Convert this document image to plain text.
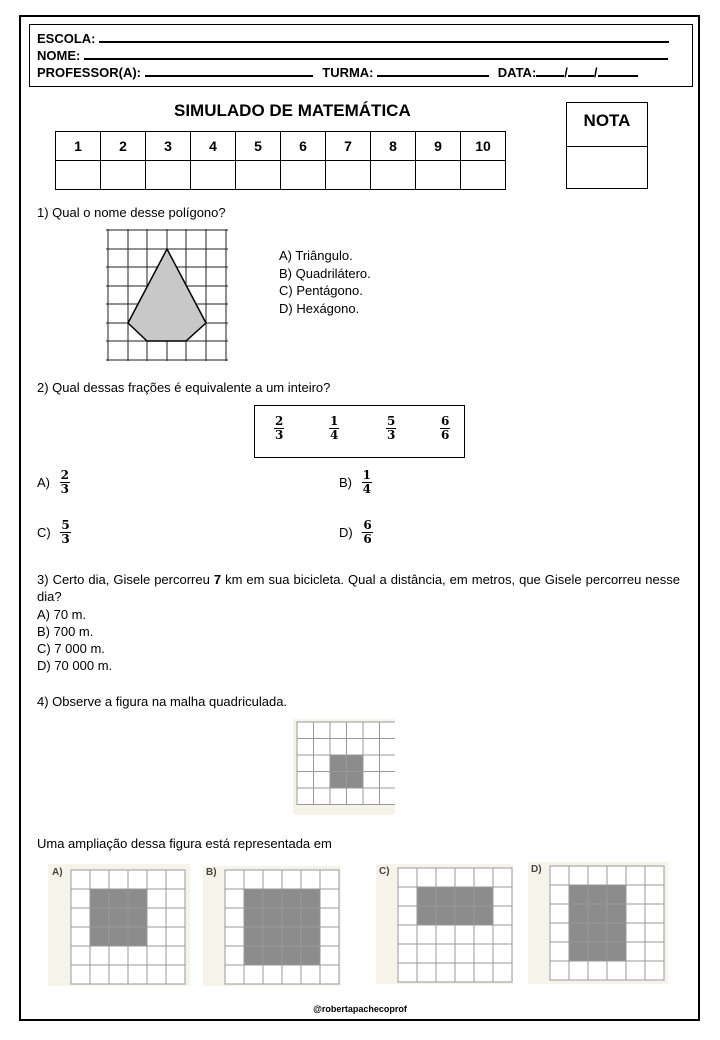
ESCOLA:
NOME:
PROFESSOR(A):	TURMA:	DATA: / /
SIMULADO DE MATEMÁTICA
1	2	3	4	5	6	7	8	9	10

NOTA
1) Qual o nome desse polígono?
A) Triângulo.
B) Quadrilátero.
C) Pentágono.
D) Hexágono.
2) Qual dessas frações é equivalente a um inteiro?
$\frac{2}{3}$	$\frac{1}{4}$	$\frac{5}{3}$	$\frac{6}{6}$
$A) \frac{2}{3}$	$B) \frac{1}{4}$
$C) \frac{5}{3}$	$D) \frac{6}{6}$
3) Certo dia, Gisele percorreu 7 km em sua bicicleta. Qual a distância, em metros, que Gisele percorreu nesse dia?
A) 70 m.
B) 700 m.
C) 7 000 m.
D) 70 000 m.
4) Observe a figura na malha quadriculada.
Uma ampliação dessa figura está representada em
A)	B)	C)	D)
@robertapachecoprof
